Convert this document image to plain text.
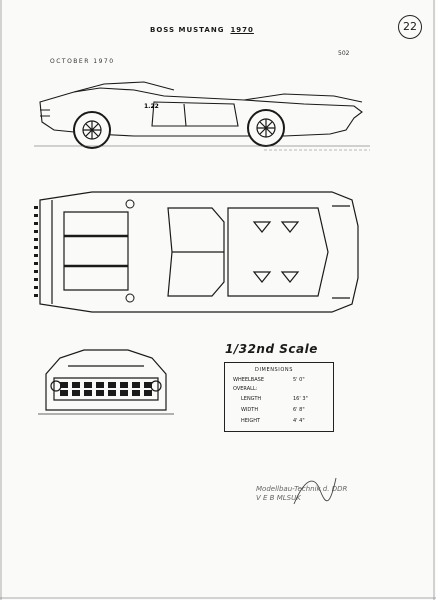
BOSS MUSTANG 1970	22
OCTOBER 1970
502
1.22
1/32nd Scale
DIMENSIONS
WHEELBASE	5' 0"
OVERALL:
LENGTH	16' 3"
WIDTH	6' 8"
HEIGHT	4' 4"
Modellbau-Technik d. DDR
V E B MLSUK
